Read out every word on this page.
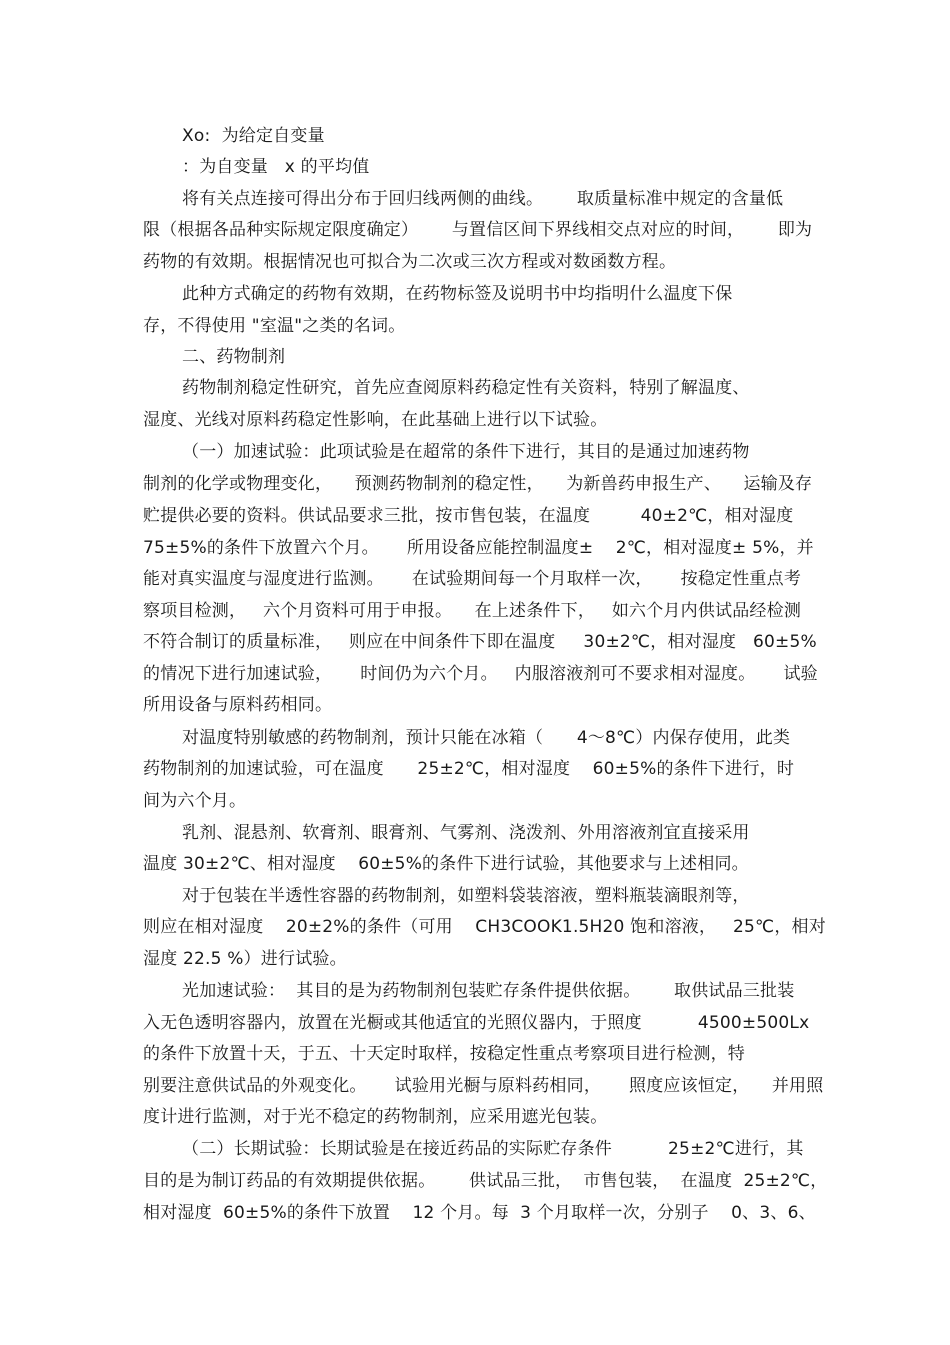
Xo:  为给定自变量
：为自变量   x 的平均值
将有关点连接可得出分布于回归线两侧的曲线。      取质量标准中规定的含量低
限（根据各品种实际规定限度确定）      与置信区间下界线相交点对应的时间，      即为
药物的有效期。根据情况也可拟合为二次或三次方程或对数函数方程。
此种方式确定的药物有效期，在药物标签及说明书中均指明什么温度下保
存，不得使用 "室温"之类的名词。
二、药物制剂
药物制剂稳定性研究，首先应查阅原料药稳定性有关资料，特别了解温度、
湿度、光线对原料药稳定性影响，在此基础上进行以下试验。
（一）加速试验：此项试验是在超常的条件下进行，其目的是通过加速药物
制剂的化学或物理变化，    预测药物制剂的稳定性，    为新兽药申报生产、    运输及存
贮提供必要的资料。供试品要求三批，按市售包装，在温度         40±2℃，相对湿度
75±5%的条件下放置六个月。     所用设备应能控制温度±    2℃，相对湿度± 5%，并
能对真实温度与湿度进行监测。     在试验期间每一个月取样一次，     按稳定性重点考
察项目检测，   六个月资料可用于申报。    在上述条件下，   如六个月内供试品经检测
不符合制订的质量标准，   则应在中间条件下即在温度     30±2℃，相对湿度   60±5%
的情况下进行加速试验，     时间仍为六个月。   内服溶液剂可不要求相对湿度。     试验
所用设备与原料药相同。
对温度特别敏感的药物制剂，预计只能在冰箱（      4～8℃）内保存使用，此类
药物制剂的加速试验，可在温度      25±2℃，相对湿度    60±5%的条件下进行，时
间为六个月。
乳剂、混悬剂、软膏剂、眼膏剂、气雾剂、浇泼剂、外用溶液剂宜直接采用
温度 30±2℃、相对湿度    60±5%的条件下进行试验，其他要求与上述相同。
对于包装在半透性容器的药物制剂，如塑料袋装溶液，塑料瓶装滴眼剂等，
则应在相对湿度    20±2%的条件（可用    CH3COOK1.5H20 饱和溶液，   25℃，相对
湿度 22.5 %）进行试验。
光加速试验：  其目的是为药物制剂包装贮存条件提供依据。      取供试品三批装
入无色透明容器内，放置在光橱或其他适宜的光照仪器内，于照度          4500±500Lx
的条件下放置十天，于五、十天定时取样，按稳定性重点考察项目进行检测，特
别要注意供试品的外观变化。     试验用光橱与原料药相同，     照度应该恒定，    并用照
度计进行监测，对于光不稳定的药物制剂，应采用遮光包装。
（二）长期试验：长期试验是在接近药品的实际贮存条件          25±2℃进行，其
目的是为制订药品的有效期提供依据。      供试品三批，  市售包装，  在温度  25±2℃，
相对湿度  60±5%的条件下放置    12 个月。每  3 个月取样一次，分别子    0、3、6、
